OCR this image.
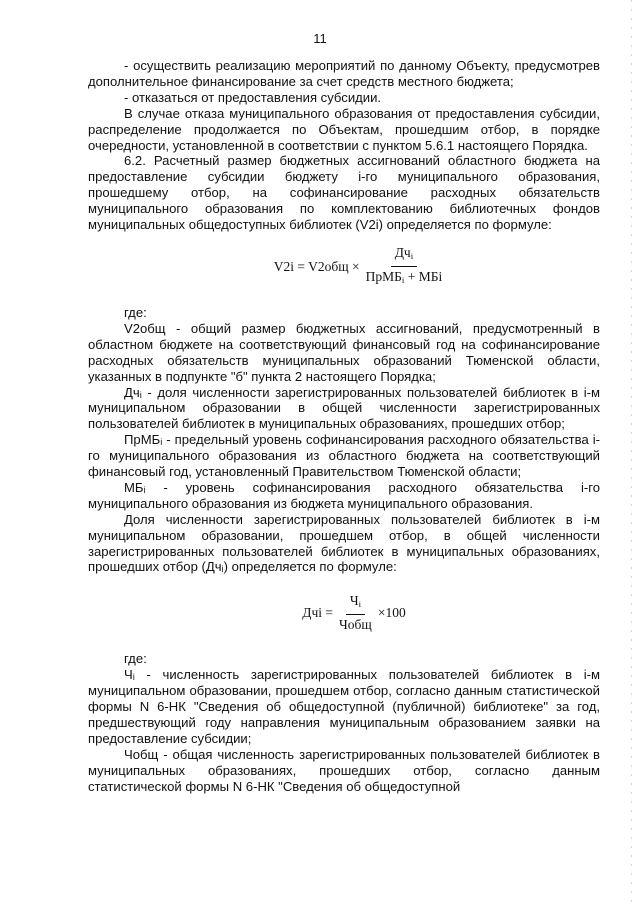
11

- осуществить реализацию мероприятий по данному Объекту, предусмотрев дополнительное финансирование за счет средств местного бюджета;

- отказаться от предоставления субсидии.

В случае отказа муниципального образования от предоставления субсидии, распределение продолжается по Объектам, прошедшим отбор, в порядке очередности, установленной в соответствии с пунктом 5.6.1 настоящего Порядка.

6.2. Расчетный размер бюджетных ассигнований областного бюджета на предоставление субсидии бюджету i-го муниципального образования, прошедшему отбор, на софинансирование расходных обязательств муниципального образования по комплектованию библиотечных фондов муниципальных общедоступных библиотек (V2i) определяется по формуле:

$V2i = V2общ \times \frac{Дч_i}{ПрМБ_i + МБi}$

где:

V2общ - общий размер бюджетных ассигнований, предусмотренный в областном бюджете на соответствующий финансовый год на софинансирование расходных обязательств муниципальных образований Тюменской области, указанных в подпункте "б" пункта 2 настоящего Порядка;

Дчᵢ - доля численности зарегистрированных пользователей библиотек в i-м муниципальном образовании в общей численности зарегистрированных пользователей библиотек в муниципальных образованиях, прошедших отбор;

ПрМБᵢ - предельный уровень софинансирования расходного обязательства i-го муниципального образования из областного бюджета на соответствующий финансовый год, установленный Правительством Тюменской области;

МБᵢ - уровень софинансирования расходного обязательства i-го муниципального образования из бюджета муниципального образования.

Доля численности зарегистрированных пользователей библиотек в i-м муниципальном образовании, прошедшем отбор, в общей численности зарегистрированных пользователей библиотек в муниципальных образованиях, прошедших отбор (Дчᵢ) определяется по формуле:

Дчi = $\frac{Ч_i}{\text{Чобщ}} \times 100$

где:

Чᵢ - численность зарегистрированных пользователей библиотек в i-м муниципальном образовании, прошедшем отбор, согласно данным статистической формы N 6-НК "Сведения об общедоступной (публичной) библиотеке" за год, предшествующий году направления муниципальным образованием заявки на предоставление субсидии;

Чобщ - общая численность зарегистрированных пользователей библиотек в муниципальных образованиях, прошедших отбор, согласно данным статистической формы N 6-НК "Сведения об общедоступной
